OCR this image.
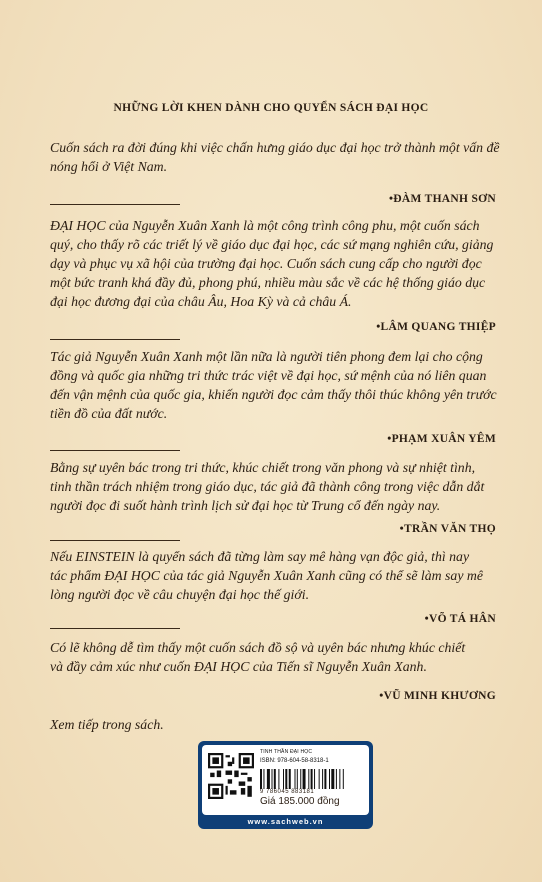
NHỮNG LỜI KHEN DÀNH CHO QUYỂN SÁCH ĐẠI HỌC
Cuốn sách ra đời đúng khi việc chấn hưng giáo dục đại học trở thành một vấn đề
nóng hổi ở Việt Nam.
•ĐÀM THANH SƠN
ĐẠI HỌC của Nguyễn Xuân Xanh là một công trình công phu, một cuốn sách
quý, cho thấy rõ các triết lý về giáo dục đại học, các sứ mạng nghiên cứu, giảng
dạy và phục vụ xã hội của trường đại học. Cuốn sách cung cấp cho người đọc
một bức tranh khá đầy đủ, phong phú, nhiều màu sắc về các hệ thống giáo dục
đại học đương đại của châu Âu, Hoa Kỳ và cả châu Á.
•LÂM QUANG THIỆP
Tác giả Nguyễn Xuân Xanh một lần nữa là người tiên phong đem lại cho cộng
đồng và quốc gia những tri thức trác việt về đại học, sứ mệnh của nó liên quan
đến vận mệnh của quốc gia, khiến người đọc cảm thấy thôi thúc không yên trước
tiền đồ của đất nước.
•PHẠM XUÂN YÊM
Bằng sự uyên bác trong tri thức, khúc chiết trong văn phong và sự nhiệt tình,
tinh thần trách nhiệm trong giáo dục, tác giả đã thành công trong việc dẫn dắt
người đọc đi suốt hành trình lịch sử đại học từ Trung cổ đến ngày nay.
•TRẦN VĂN THỌ
Nếu EINSTEIN là quyển sách đã từng làm say mê hàng vạn độc giả, thì nay
tác phẩm ĐẠI HỌC của tác giả Nguyễn Xuân Xanh cũng có thể sẽ làm say mê
lòng người đọc về câu chuyện đại học thế giới.
•VÕ TÁ HÂN
Có lẽ không dễ tìm thấy một cuốn sách đồ sộ và uyên bác nhưng khúc chiết
và đầy cảm xúc như cuốn ĐẠI HỌC của Tiến sĩ Nguyễn Xuân Xanh.
•VŨ MINH KHƯƠNG
Xem tiếp trong sách.
TINH THẦN ĐẠI HỌC
ISBN: 978-604-58-8318-1
9 786045 883181
Giá 185.000 đồng
www.sachweb.vn
